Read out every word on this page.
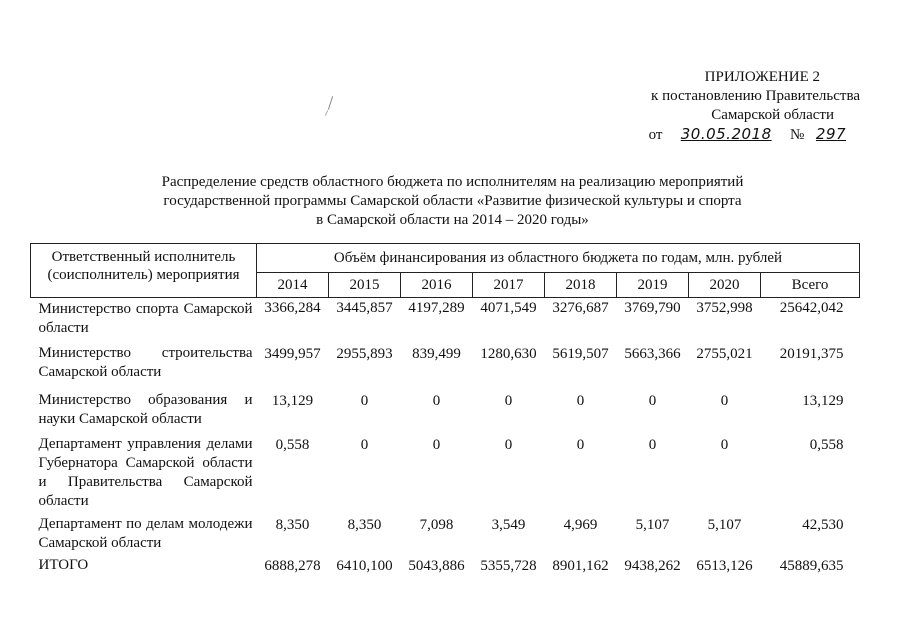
ПРИЛОЖЕНИЕ 2
к постановлению Правительства
Самарской области
от 30.05.2018 № 297
Распределение средств областного бюджета по исполнителям на реализацию мероприятий
государственной программы Самарской области «Развитие физической культуры и спорта
в Самарской области на 2014 – 2020 годы»
Ответственный исполнитель (соисполнитель) мероприятия	Объём финансирования из областного бюджета по годам, млн. рублей							
	2014	2015	2016	2017	2018	2019	2020	Всего
Министерство спорта Самарской области	3366,284	3445,857	4197,289	4071,549	3276,687	3769,790	3752,998	25642,042
Министерство строительства Самарской области	3499,957	2955,893	839,499	1280,630	5619,507	5663,366	2755,021	20191,375
Министерство образования и науки Самарской области	13,129	0	0	0	0	0	0	13,129
Департамент управления делами Губернатора Самарской области и Правительства Самарской области	0,558	0	0	0	0	0	0	0,558
Департамент по делам молодежи Самарской области	8,350	8,350	7,098	3,549	4,969	5,107	5,107	42,530
ИТОГО	6888,278	6410,100	5043,886	5355,728	8901,162	9438,262	6513,126	45889,635
